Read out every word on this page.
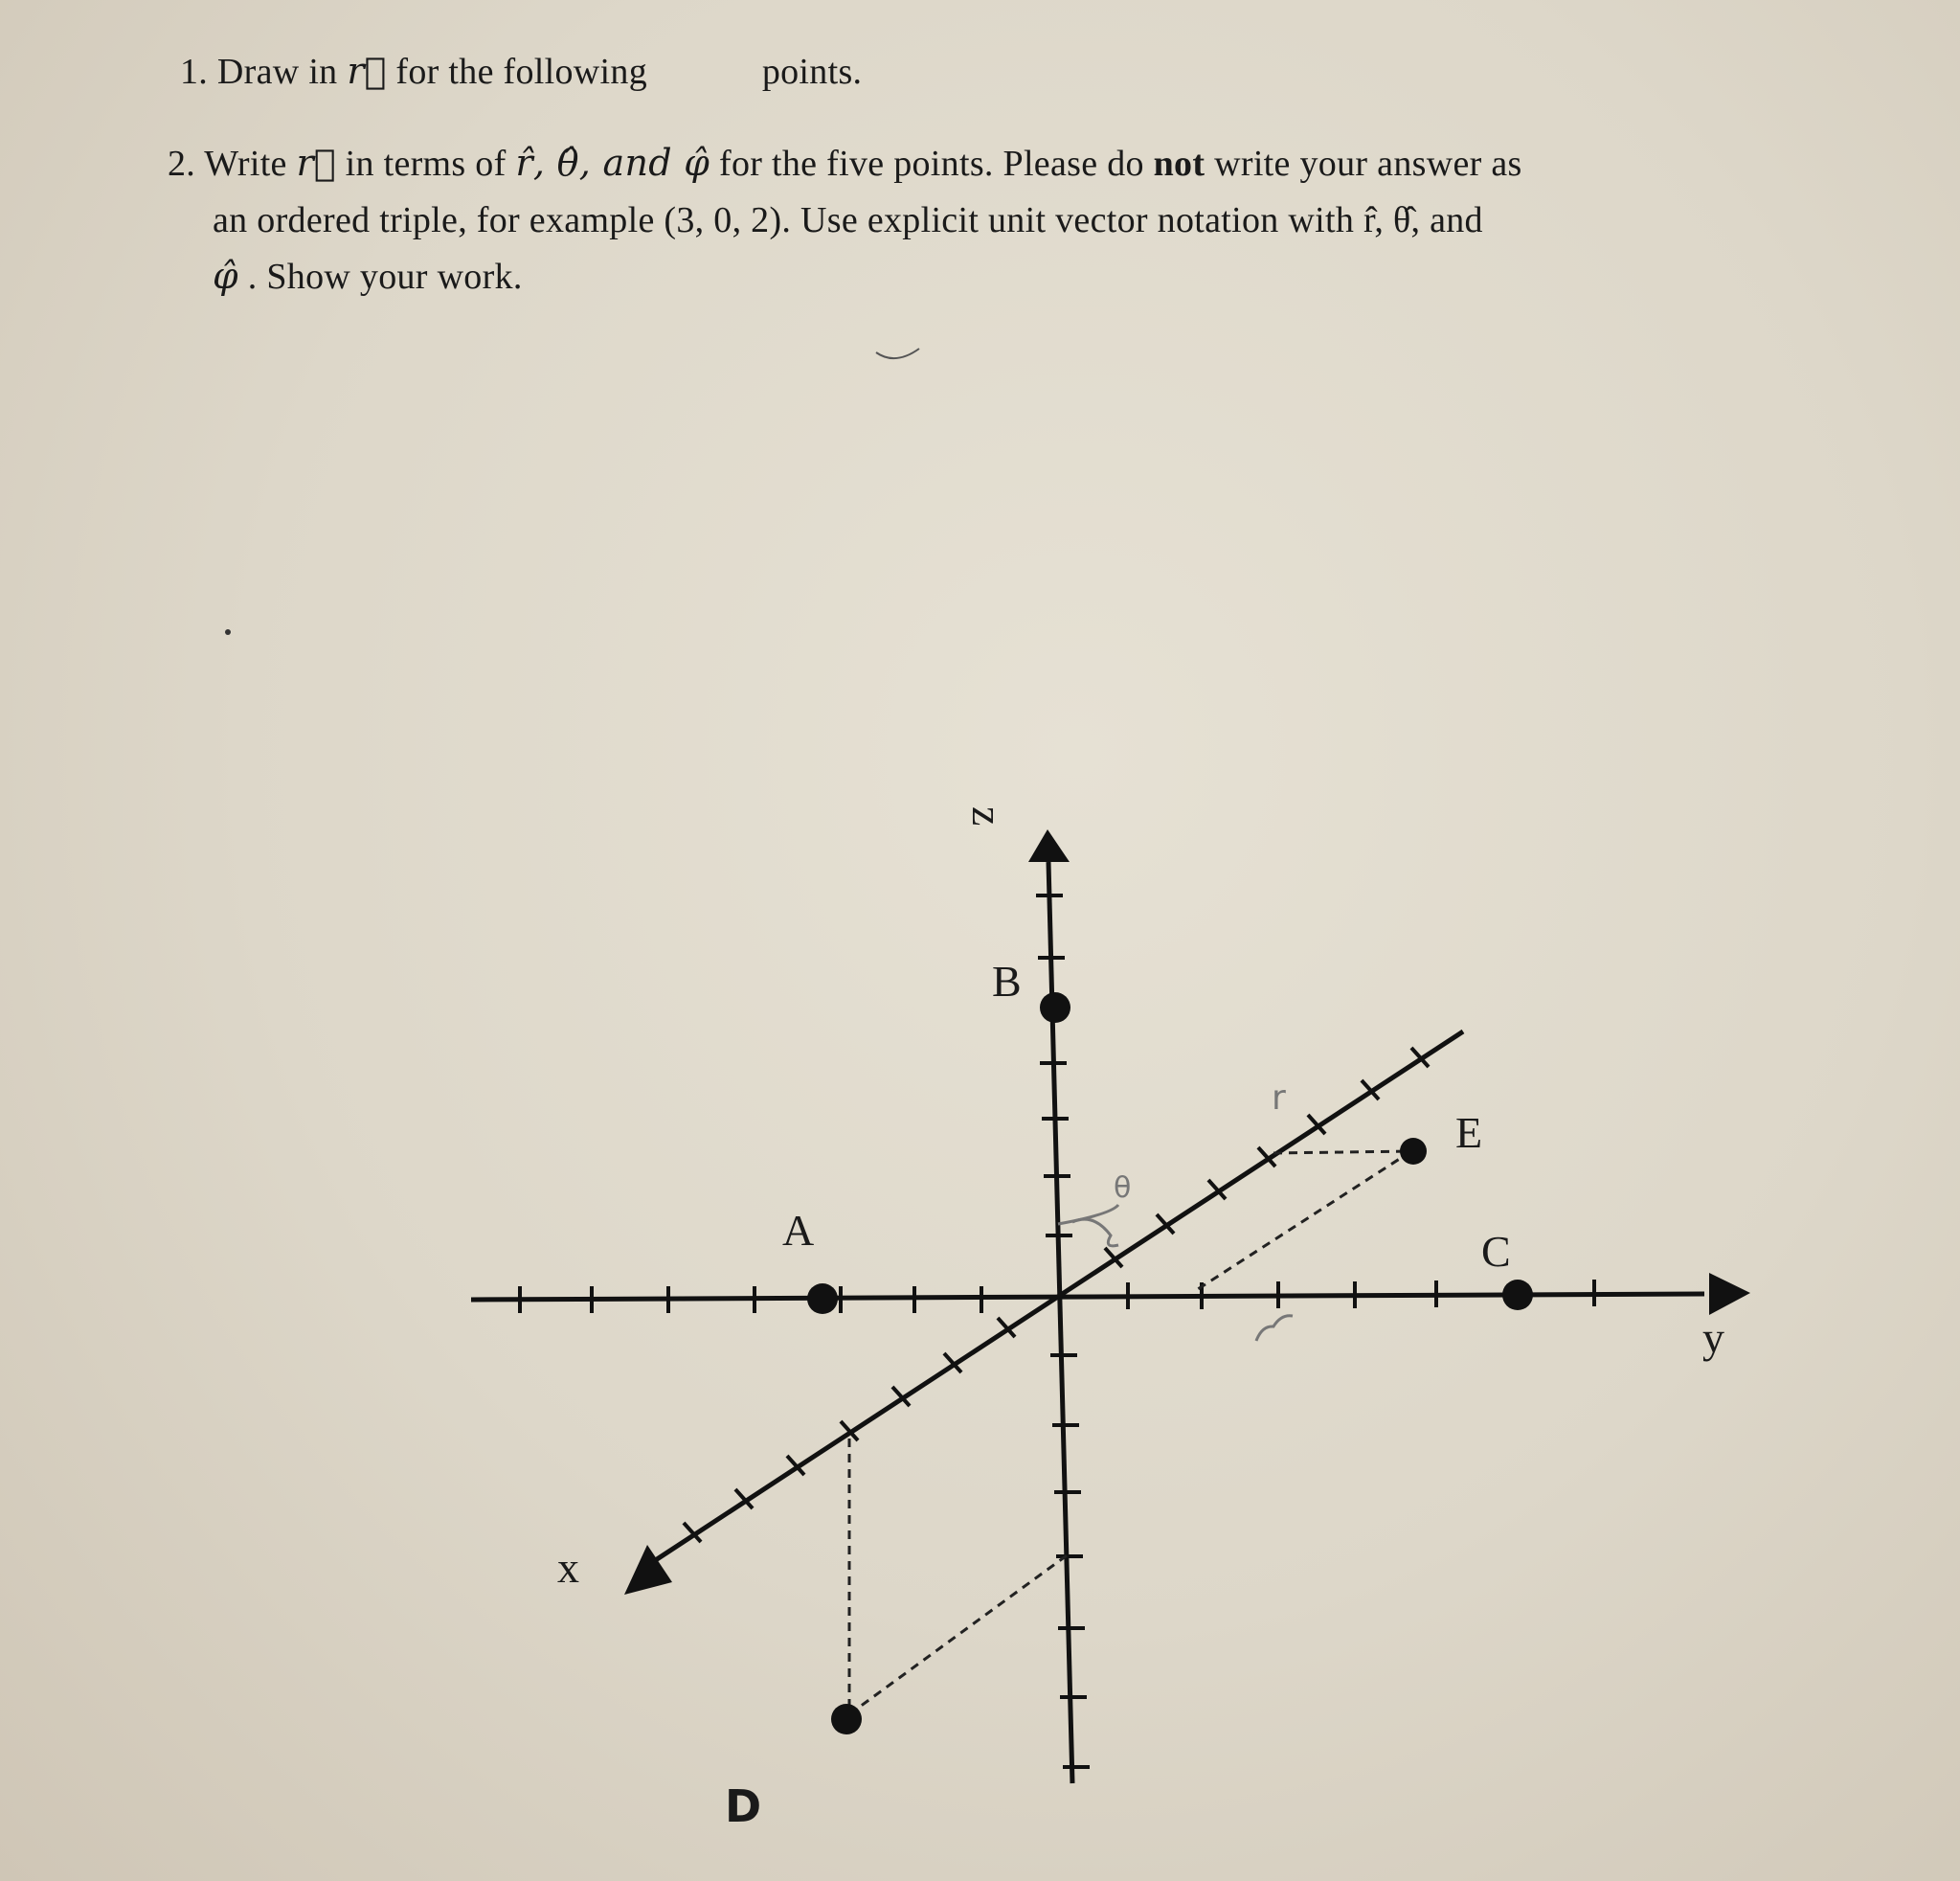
1. Draw in r⃗ for the following	points.
2. Write r⃗ in terms of r̂, θ̂, and φ̂ for the five points. Please do not write your answer as
an ordered triple, for example (3, 0, 2). Use explicit unit vector notation with r̂, θ̂, and
φ̂ . Show your work.
r
θ
A
B
C
D
E
x
y
z
